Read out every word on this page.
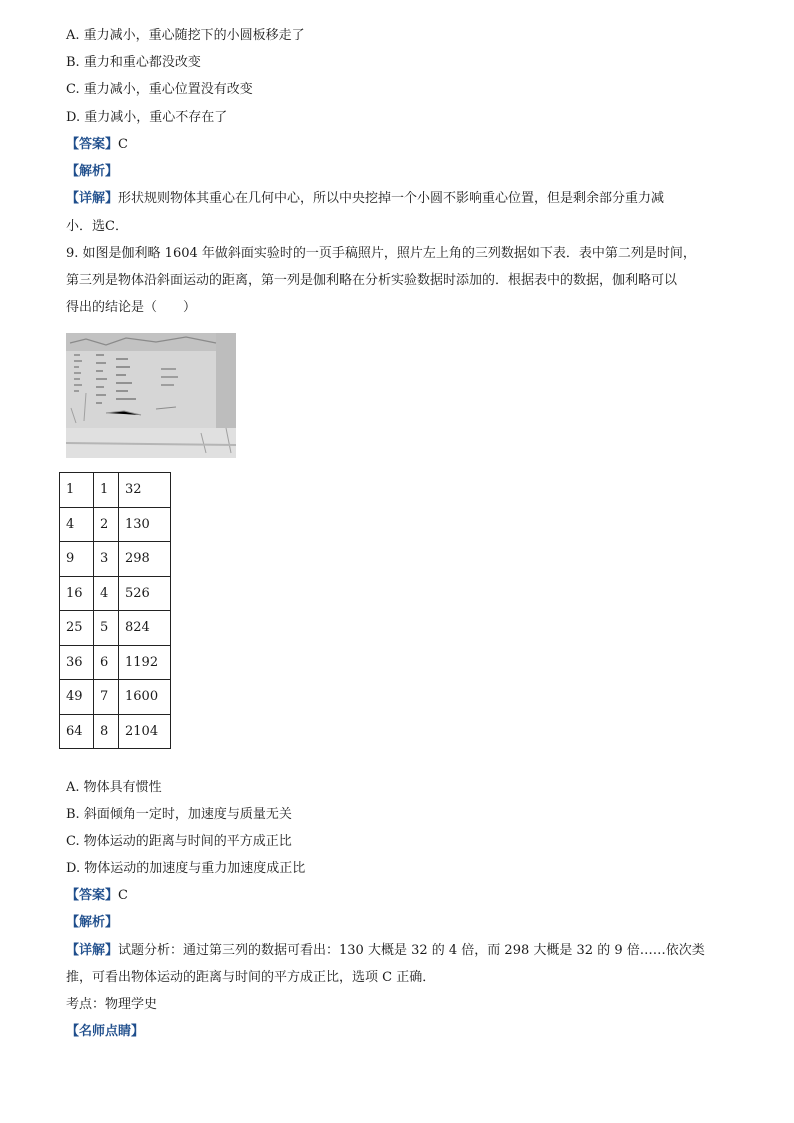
A. 重力减小，重心随挖下的小圆板移走了
B. 重力和重心都没改变
C. 重力减小，重心位置没有改变
D. 重力减小，重心不存在了
【答案】C
【解析】
【详解】形状规则物体其重心在几何中心，所以中央挖掉一个小圆不影响重心位置，但是剩余部分重力减
小．选C．
9. 如图是伽利略 1604 年做斜面实验时的一页手稿照片，照片左上角的三列数据如下表．表中第二列是时间，
第三列是物体沿斜面运动的距离，第一列是伽利略在分析实验数据时添加的．根据表中的数据，伽利略可以
得出的结论是（　　）
1	1	32
4	2	130
9	3	298
16	4	526
25	5	824
36	6	1192
49	7	1600
64	8	2104
A. 物体具有惯性
B. 斜面倾角一定时，加速度与质量无关
C. 物体运动的距离与时间的平方成正比
D. 物体运动的加速度与重力加速度成正比
【答案】C
【解析】
【详解】试题分析：通过第三列的数据可看出：130 大概是 32 的 4 倍，而 298 大概是 32 的 9 倍……依次类
推，可看出物体运动的距离与时间的平方成正比，选项 C 正确．
考点：物理学史
【名师点睛】
